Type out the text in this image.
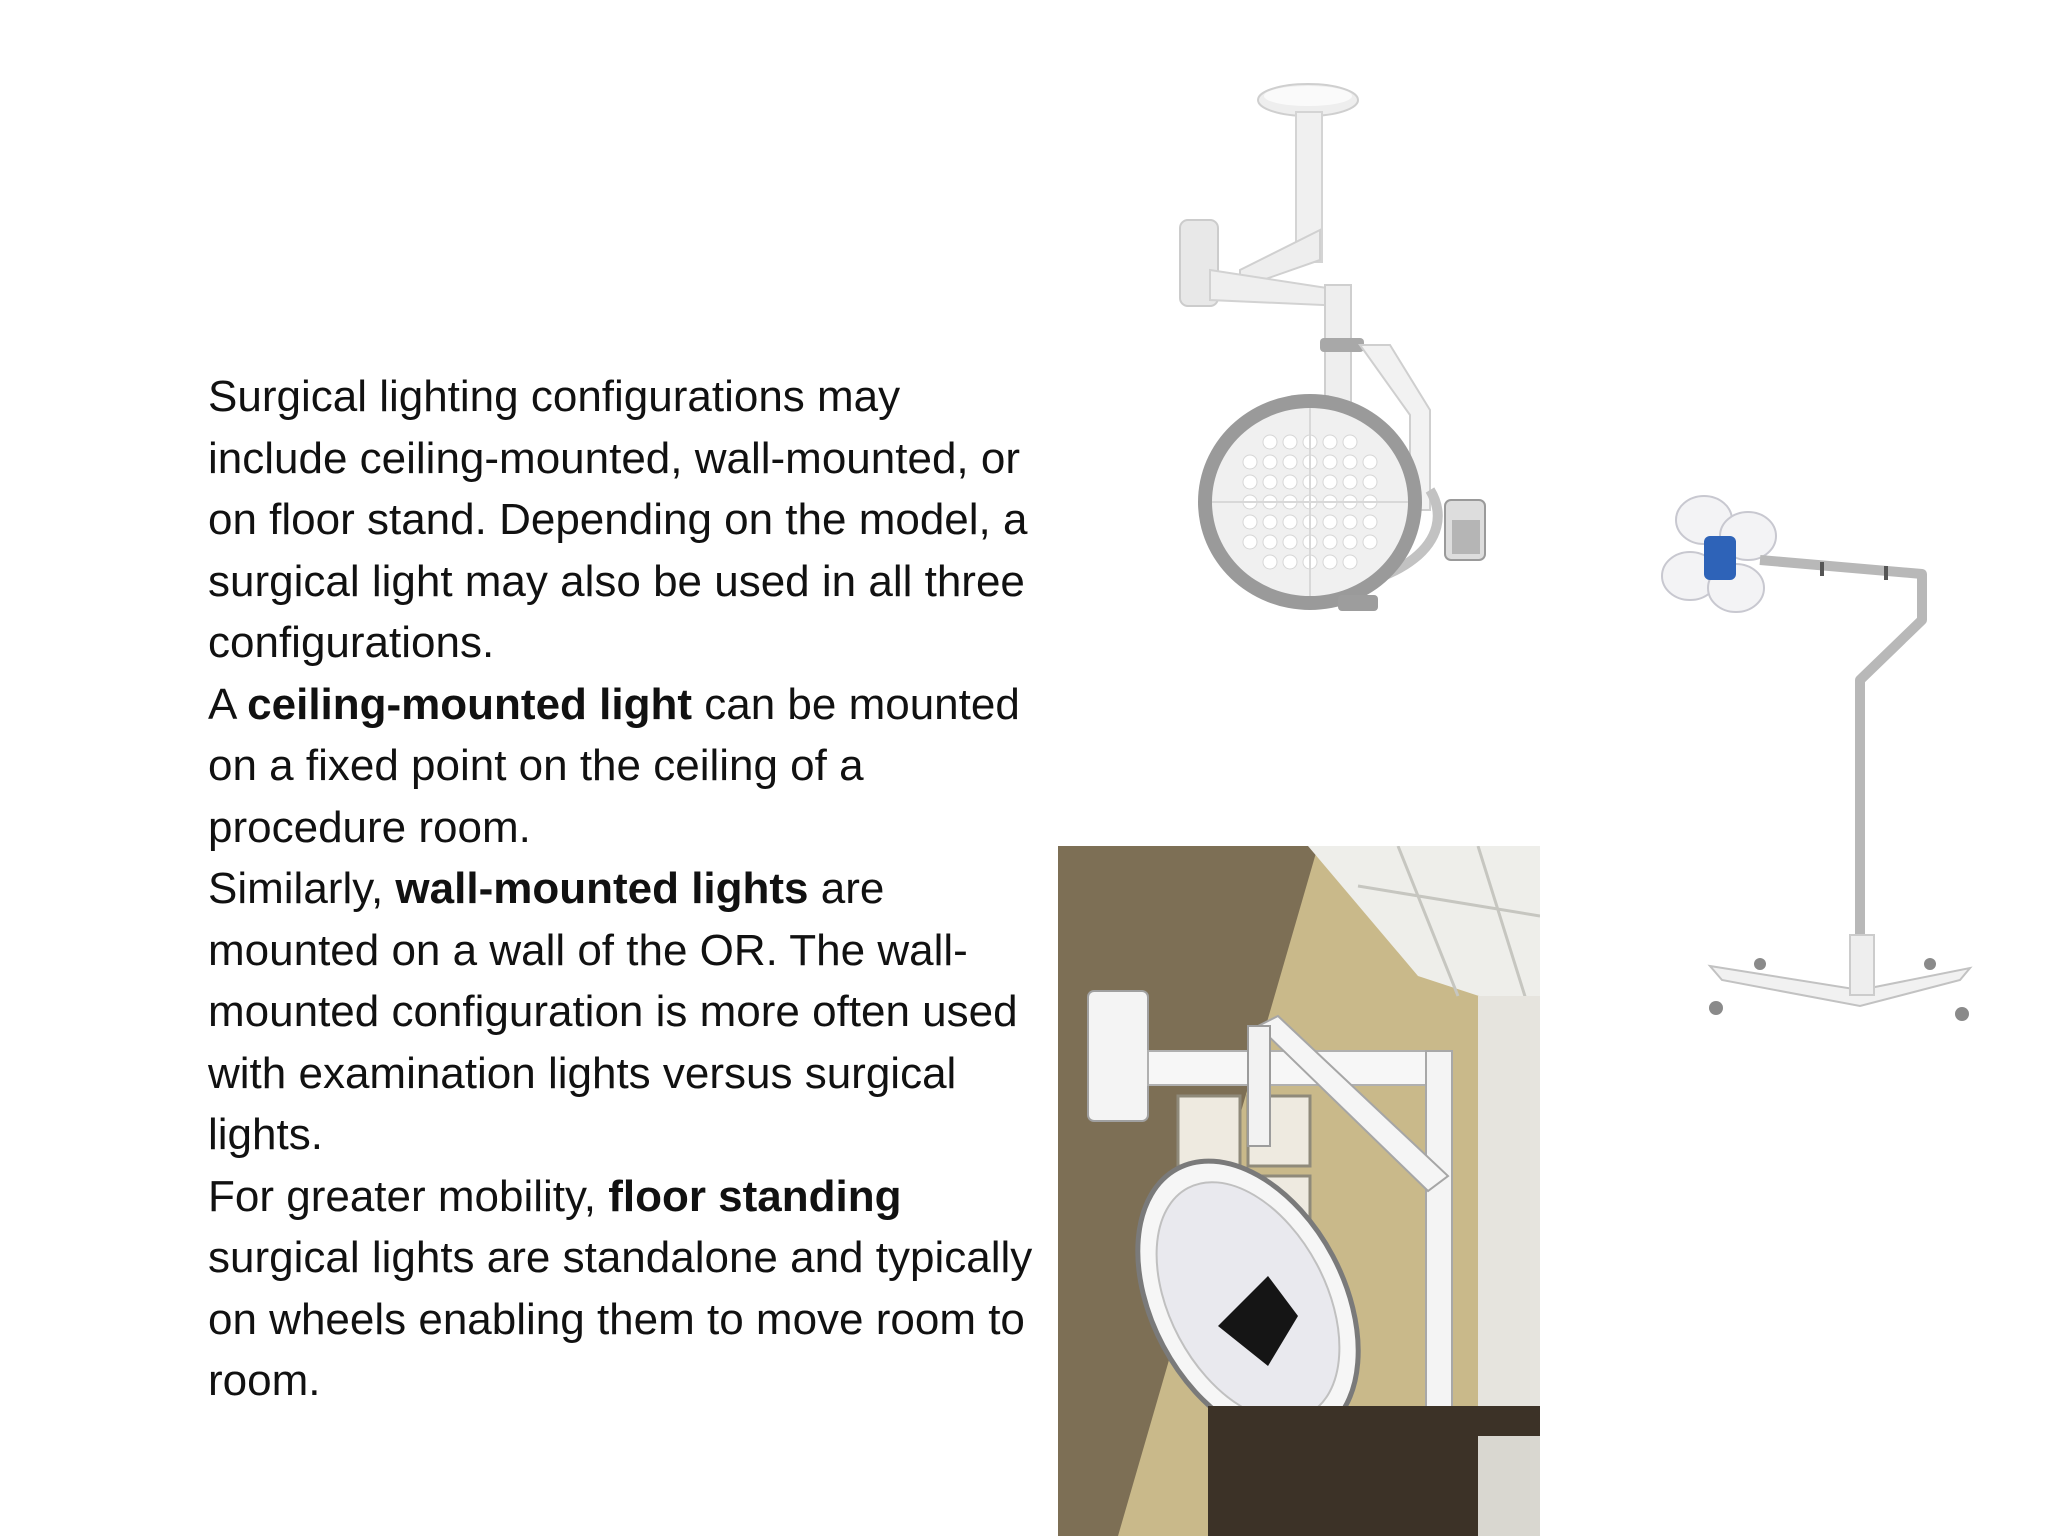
Surgical lighting configurations may include ceiling-mounted, wall-mounted, or on floor stand. Depending on the model, a surgical light may also be used in all three configurations.

A ceiling-mounted light can be mounted on a fixed point on the ceiling of a procedure room.

Similarly, wall-mounted lights are mounted on a wall of the OR. The wall-mounted configuration is more often used with examination lights versus surgical lights.

For greater mobility, floor standing surgical lights are standalone and typically on wheels enabling them to move room to room.
